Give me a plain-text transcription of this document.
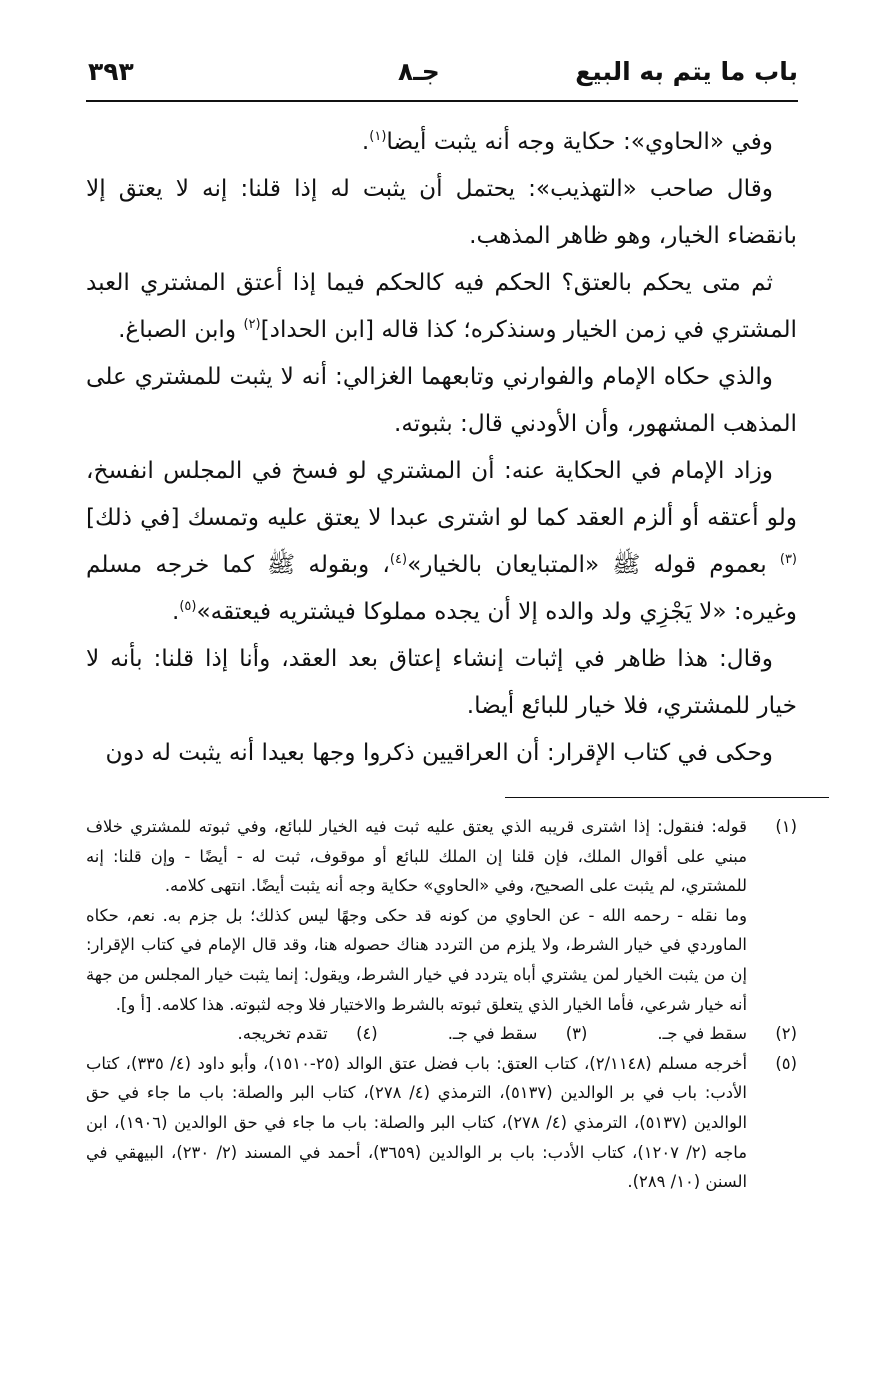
باب ما يتم به البيع
جـ٨
٣٩٣

وفي «الحاوي»: حكاية وجه أنه يثبت أيضا$^{(١)}$.

وقال صاحب «التهذيب»: يحتمل أن يثبت له إذا قلنا: إنه لا يعتق إلا بانقضاء الخيار، وهو ظاهر المذهب.

ثم متى يحكم بالعتق؟ الحكم فيه كالحكم فيما إذا أعتق المشتري العبد المشتري في زمن الخيار وسنذكره؛ كذا قاله [ابن الحداد]$^{(٢)}$ وابن الصباغ.

والذي حكاه الإمام والفوارني وتابعهما الغزالي: أنه لا يثبت للمشتري على المذهب المشهور، وأن الأودني قال: بثبوته.

وزاد الإمام في الحكاية عنه: أن المشتري لو فسخ في المجلس انفسخ، ولو أعتقه أو ألزم العقد كما لو اشترى عبدا لا يعتق عليه وتمسك [في ذلك]$^{(٣)}$ بعموم قوله ﷺ «المتبايعان بالخيار»$^{(٤)}$، وبقوله ﷺ كما خرجه مسلم وغيره: «لا يَجْزِي ولد والده إلا أن يجده مملوكا فيشتريه فيعتقه»$^{(٥)}$.

وقال: هذا ظاهر في إثبات إنشاء إعتاق بعد العقد، وأنا إذا قلنا: بأنه لا خيار للمشتري، فلا خيار للبائع أيضا.

وحكى في كتاب الإقرار: أن العراقيين ذكروا وجها بعيدا أنه يثبت له دون

(١)

قوله: فنقول: إذا اشترى قريبه الذي يعتق عليه ثبت فيه الخيار للبائع، وفي ثبوته للمشتري خلاف مبني على أقوال الملك، فإن قلنا إن الملك للبائع أو موقوف، ثبت له - أيضًا - وإن قلنا: إنه للمشتري، لم يثبت على الصحيح، وفي «الحاوي» حكاية وجه أنه يثبت أيضًا. انتهى كلامه.

وما نقله - رحمه الله - عن الحاوي من كونه قد حكى وجهًا ليس كذلك؛ بل جزم به. نعم، حكاه الماوردي في خيار الشرط، ولا يلزم من التردد هناك حصوله هنا، وقد قال الإمام في كتاب الإقرار: إن من يثبت الخيار لمن يشتري أباه يتردد في خيار الشرط، ويقول: إنما يثبت خيار المجلس من جهة أنه خيار شرعي، فأما الخيار الذي يتعلق ثبوته بالشرط والاختيار فلا وجه لثبوته. هذا كلامه. [أ و].

(٢)
سقط في جـ.
(٣)
سقط في جـ.
(٤)
تقدم تخريجه.
(٥)
أخرجه مسلم (٢/١١٤٨)، كتاب العتق: باب فضل عتق الوالد (٢٥-١٥١٠)، وأبو داود (٤/ ٣٣٥)، كتاب الأدب: باب في بر الوالدين (٥١٣٧)، الترمذي (٤/ ٢٧٨)، كتاب البر والصلة: باب ما جاء في حق الوالدين (٥١٣٧)، الترمذي (٤/ ٢٧٨)، كتاب البر والصلة: باب ما جاء في حق الوالدين (١٩٠٦)، ابن ماجه (٢/ ١٢٠٧)، كتاب الأدب: باب بر الوالدين (٣٦٥٩)، أحمد في المسند (٢/ ٢٣٠)، البيهقي في السنن (١٠/ ٢٨٩).
